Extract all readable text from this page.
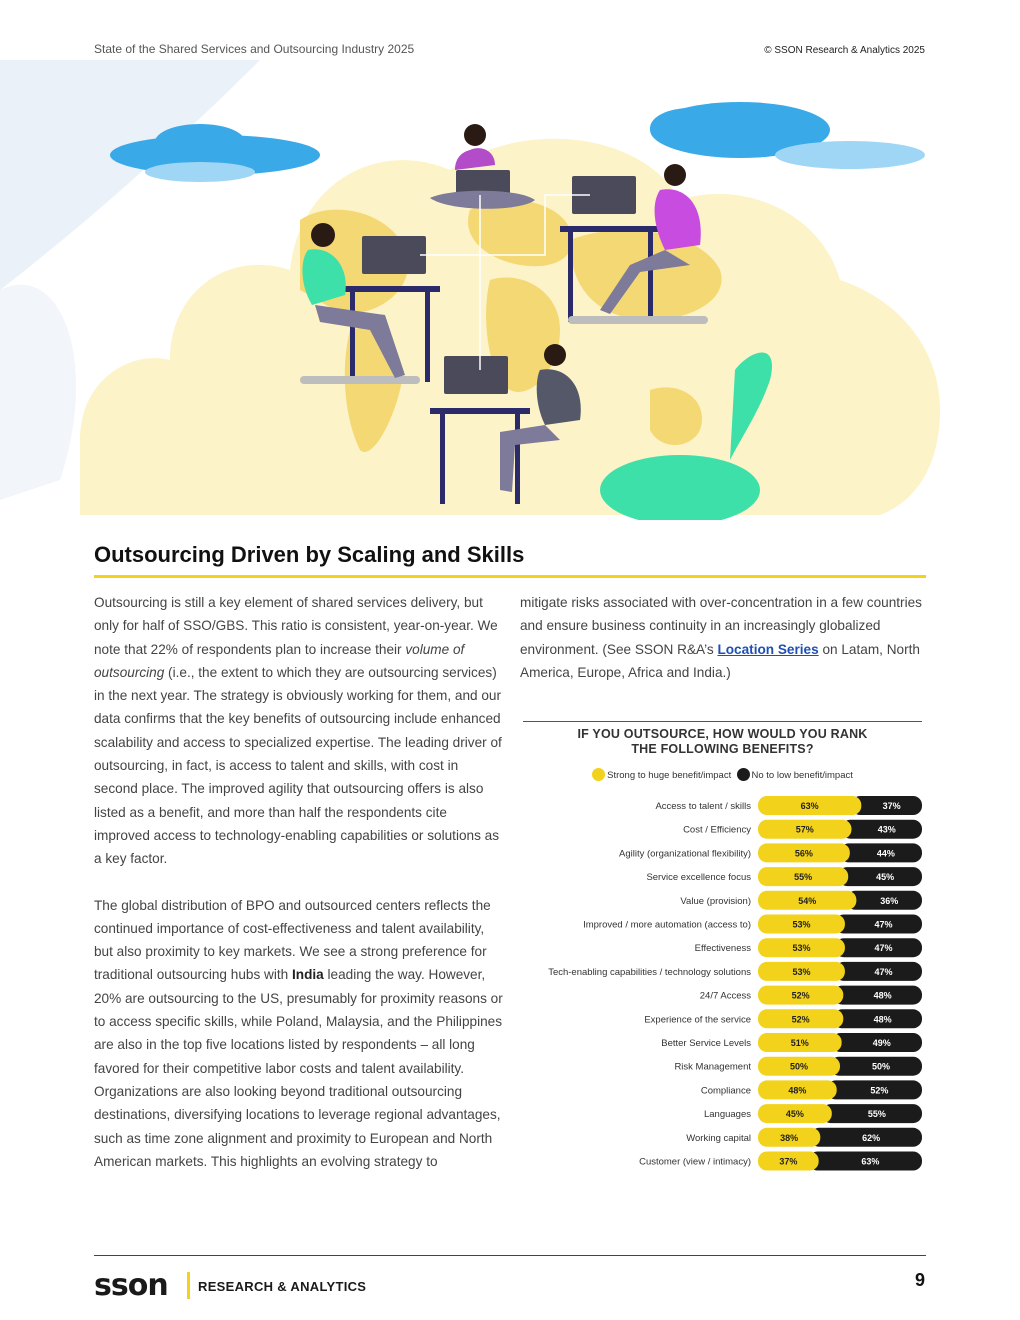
State of the Shared Services and Outsourcing Industry 2025	© SSON Research & Analytics 2025
Outsourcing Driven by Scaling and Skills

Outsourcing is still a key element of shared services delivery, but only for half of SSO/GBS. This ratio is consistent, year-on-year. We note that 22% of respondents plan to increase their volume of outsourcing (i.e., the extent to which they are outsourcing services) in the next year. The strategy is obviously working for them, and our data confirms that the key benefits of outsourcing include enhanced scalability and access to specialized expertise. The leading driver of outsourcing, in fact, is access to talent and skills, with cost in second place. The improved agility that outsourcing offers is also listed as a benefit, and more than half the respondents cite improved access to technology-enabling capabilities or solutions as a key factor.

The global distribution of BPO and outsourced centers reflects the continued importance of cost-effectiveness and talent availability, but also proximity to key markets. We see a strong preference for traditional outsourcing hubs with India leading the way. However, 20% are outsourcing to the US, presumably for proximity reasons or to access specific skills, while Poland, Malaysia, and the Philippines are also in the top five locations listed by respondents – all long favored for their competitive labor costs and talent availability. Organizations are also looking beyond traditional outsourcing destinations, diversifying locations to leverage regional advantages, such as time zone alignment and proximity to European and North American markets. This highlights an evolving strategy to

mitigate risks associated with over-concentration in a few countries and ensure business continuity in an increasingly globalized environment. (See SSON R&A’s Location Series on Latam, North America, Europe, Africa and India.)

IF YOU OUTSOURCE, HOW WOULD YOU RANK
THE FOLLOWING BENEFITS?
Strong to huge benefit/impact No to low benefit/impact
Access to talent / skills	63%	37%
Cost / Efficiency	57%	43%
Agility (organizational flexibility)	56%	44%
Service excellence focus	55%	45%
Value (provision)	54%	36%
Improved / more automation (access to)	53%	47%
Effectiveness	53%	47%
Tech-enabling capabilities / technology solutions	53%	47%
24/7 Access	52%	48%
Experience of the service	52%	48%
Better Service Levels	51%	49%
Risk Management	50%	50%
Compliance	48%	52%
Languages	45%	55%
Working capital	38%	62%
Customer (view / intimacy)	37%	63%
sson RESEARCH & ANALYTICS	9
